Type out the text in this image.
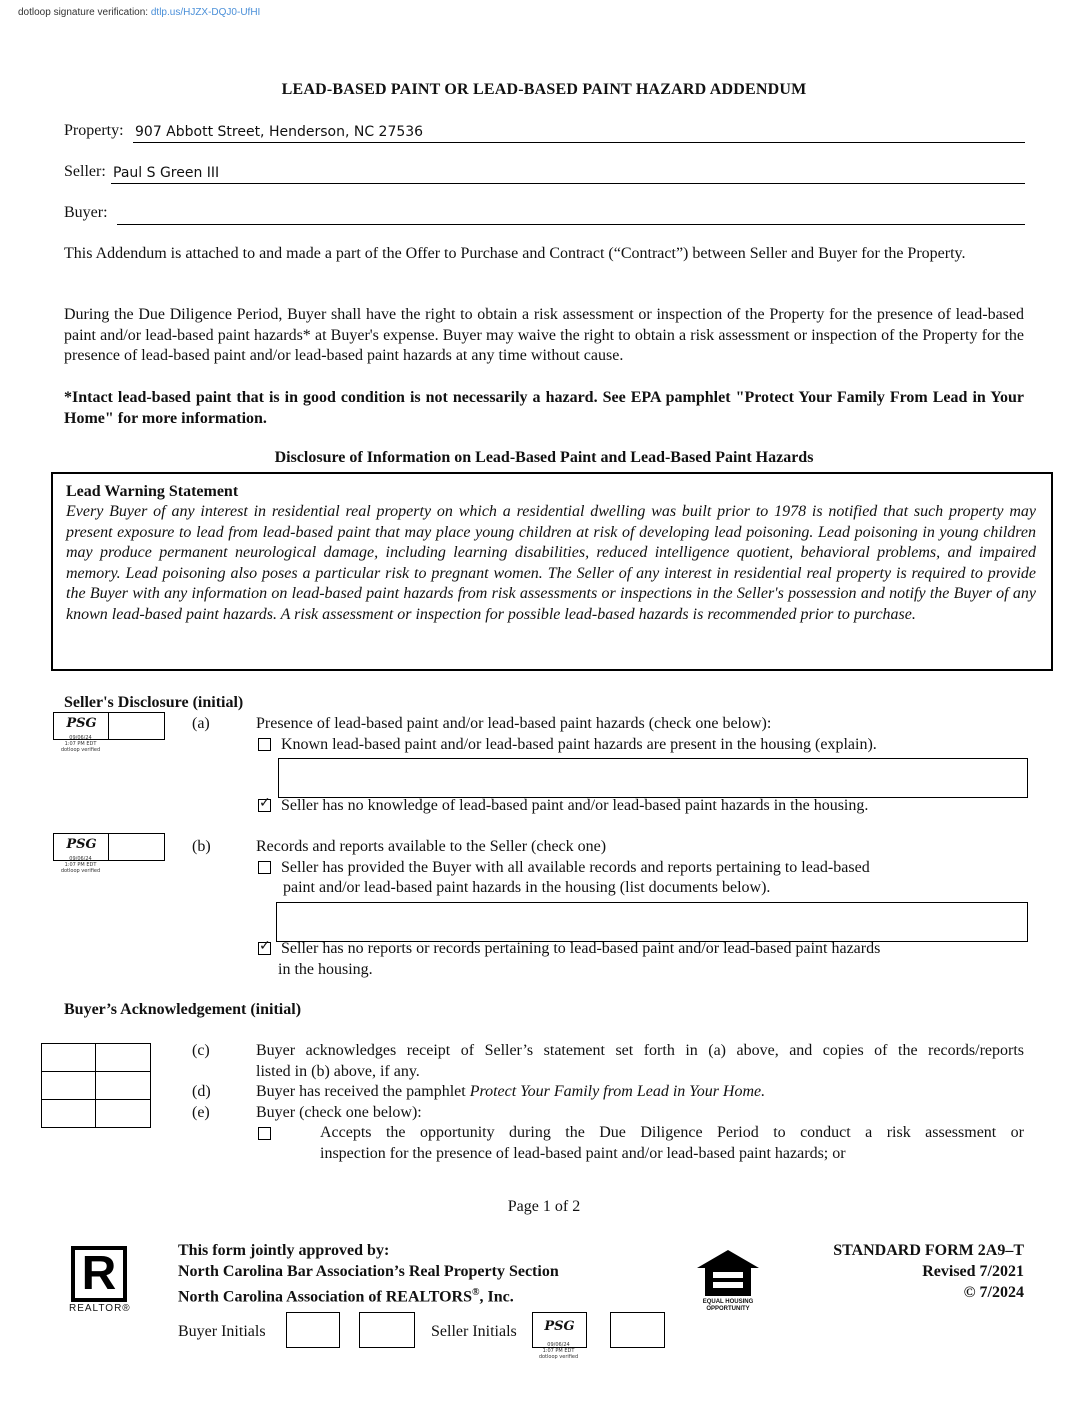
dotloop signature verification: dtlp.us/HJZX-DQJ0-UfHI
LEAD-BASED PAINT OR LEAD-BASED PAINT HAZARD ADDENDUM
Property: 907 Abbott Street, Henderson, NC 27536
Seller: Paul S Green III
Buyer:
This Addendum is attached to and made a part of the Offer to Purchase and Contract (“Contract”) between Seller and Buyer for the Property.
During the Due Diligence Period, Buyer shall have the right to obtain a risk assessment or inspection of the Property for the presence of lead-based paint and/or lead-based paint hazards* at Buyer's expense. Buyer may waive the right to obtain a risk assessment or inspection of the Property for the presence of lead-based paint and/or lead-based paint hazards at any time without cause.
*Intact lead-based paint that is in good condition is not necessarily a hazard. See EPA pamphlet "Protect Your Family From Lead in Your Home" for more information.
Disclosure of Information on Lead-Based Paint and Lead-Based Paint Hazards
Lead Warning Statement
Every Buyer of any interest in residential real property on which a residential dwelling was built prior to 1978 is notified that such property may present exposure to lead from lead-based paint that may place young children at risk of developing lead poisoning. Lead poisoning in young children may produce permanent neurological damage, including learning disabilities, reduced intelligence quotient, behavioral problems, and impaired memory. Lead poisoning also poses a particular risk to pregnant women. The Seller of any interest in residential real property is required to provide the Buyer with any information on lead-based paint hazards from risk assessments or inspections in the Seller's possession and notify the Buyer of any known lead-based paint hazards. A risk assessment or inspection for possible lead-based hazards is recommended prior to purchase.
Seller's Disclosure (initial)
PSG
09/06/24
1:07 PM EDT
dotloop verified
(a)	Presence of lead-based paint and/or lead-based paint hazards (check one below):
Known lead-based paint and/or lead-based paint hazards are present in the housing (explain).
✓
Seller has no knowledge of lead-based paint and/or lead-based paint hazards in the housing.
PSG
09/06/24
1:07 PM EDT
dotloop verified
(b)	Records and reports available to the Seller (check one)
Seller has provided the Buyer with all available records and reports pertaining to lead-based
paint and/or lead-based paint hazards in the housing (list documents below).
✓
Seller has no reports or records pertaining to lead-based paint and/or lead-based paint hazards
in the housing.
Buyer’s Acknowledgement (initial)
(c)	Buyer acknowledges receipt of Seller’s statement set forth in (a) above, and copies of the records/reports
listed in (b) above, if any.
(d)	Buyer has received the pamphlet Protect Your Family from Lead in Your Home.
(e)	Buyer (check one below):
Accepts the opportunity during the Due Diligence Period to conduct a risk assessment or
inspection for the presence of lead-based paint and/or lead-based paint hazards; or
Page 1 of 2
R
REALTOR®
This form jointly approved by:
North Carolina Bar Association’s Real Property Section
North Carolina Association of REALTORS®, Inc.	EQUAL HOUSING OPPORTUNITY
STANDARD FORM 2A9–T
Revised 7/2021
© 7/2024
Buyer Initials	Seller Initials	PSG
09/06/24
1:07 PM EDT
dotloop verified
